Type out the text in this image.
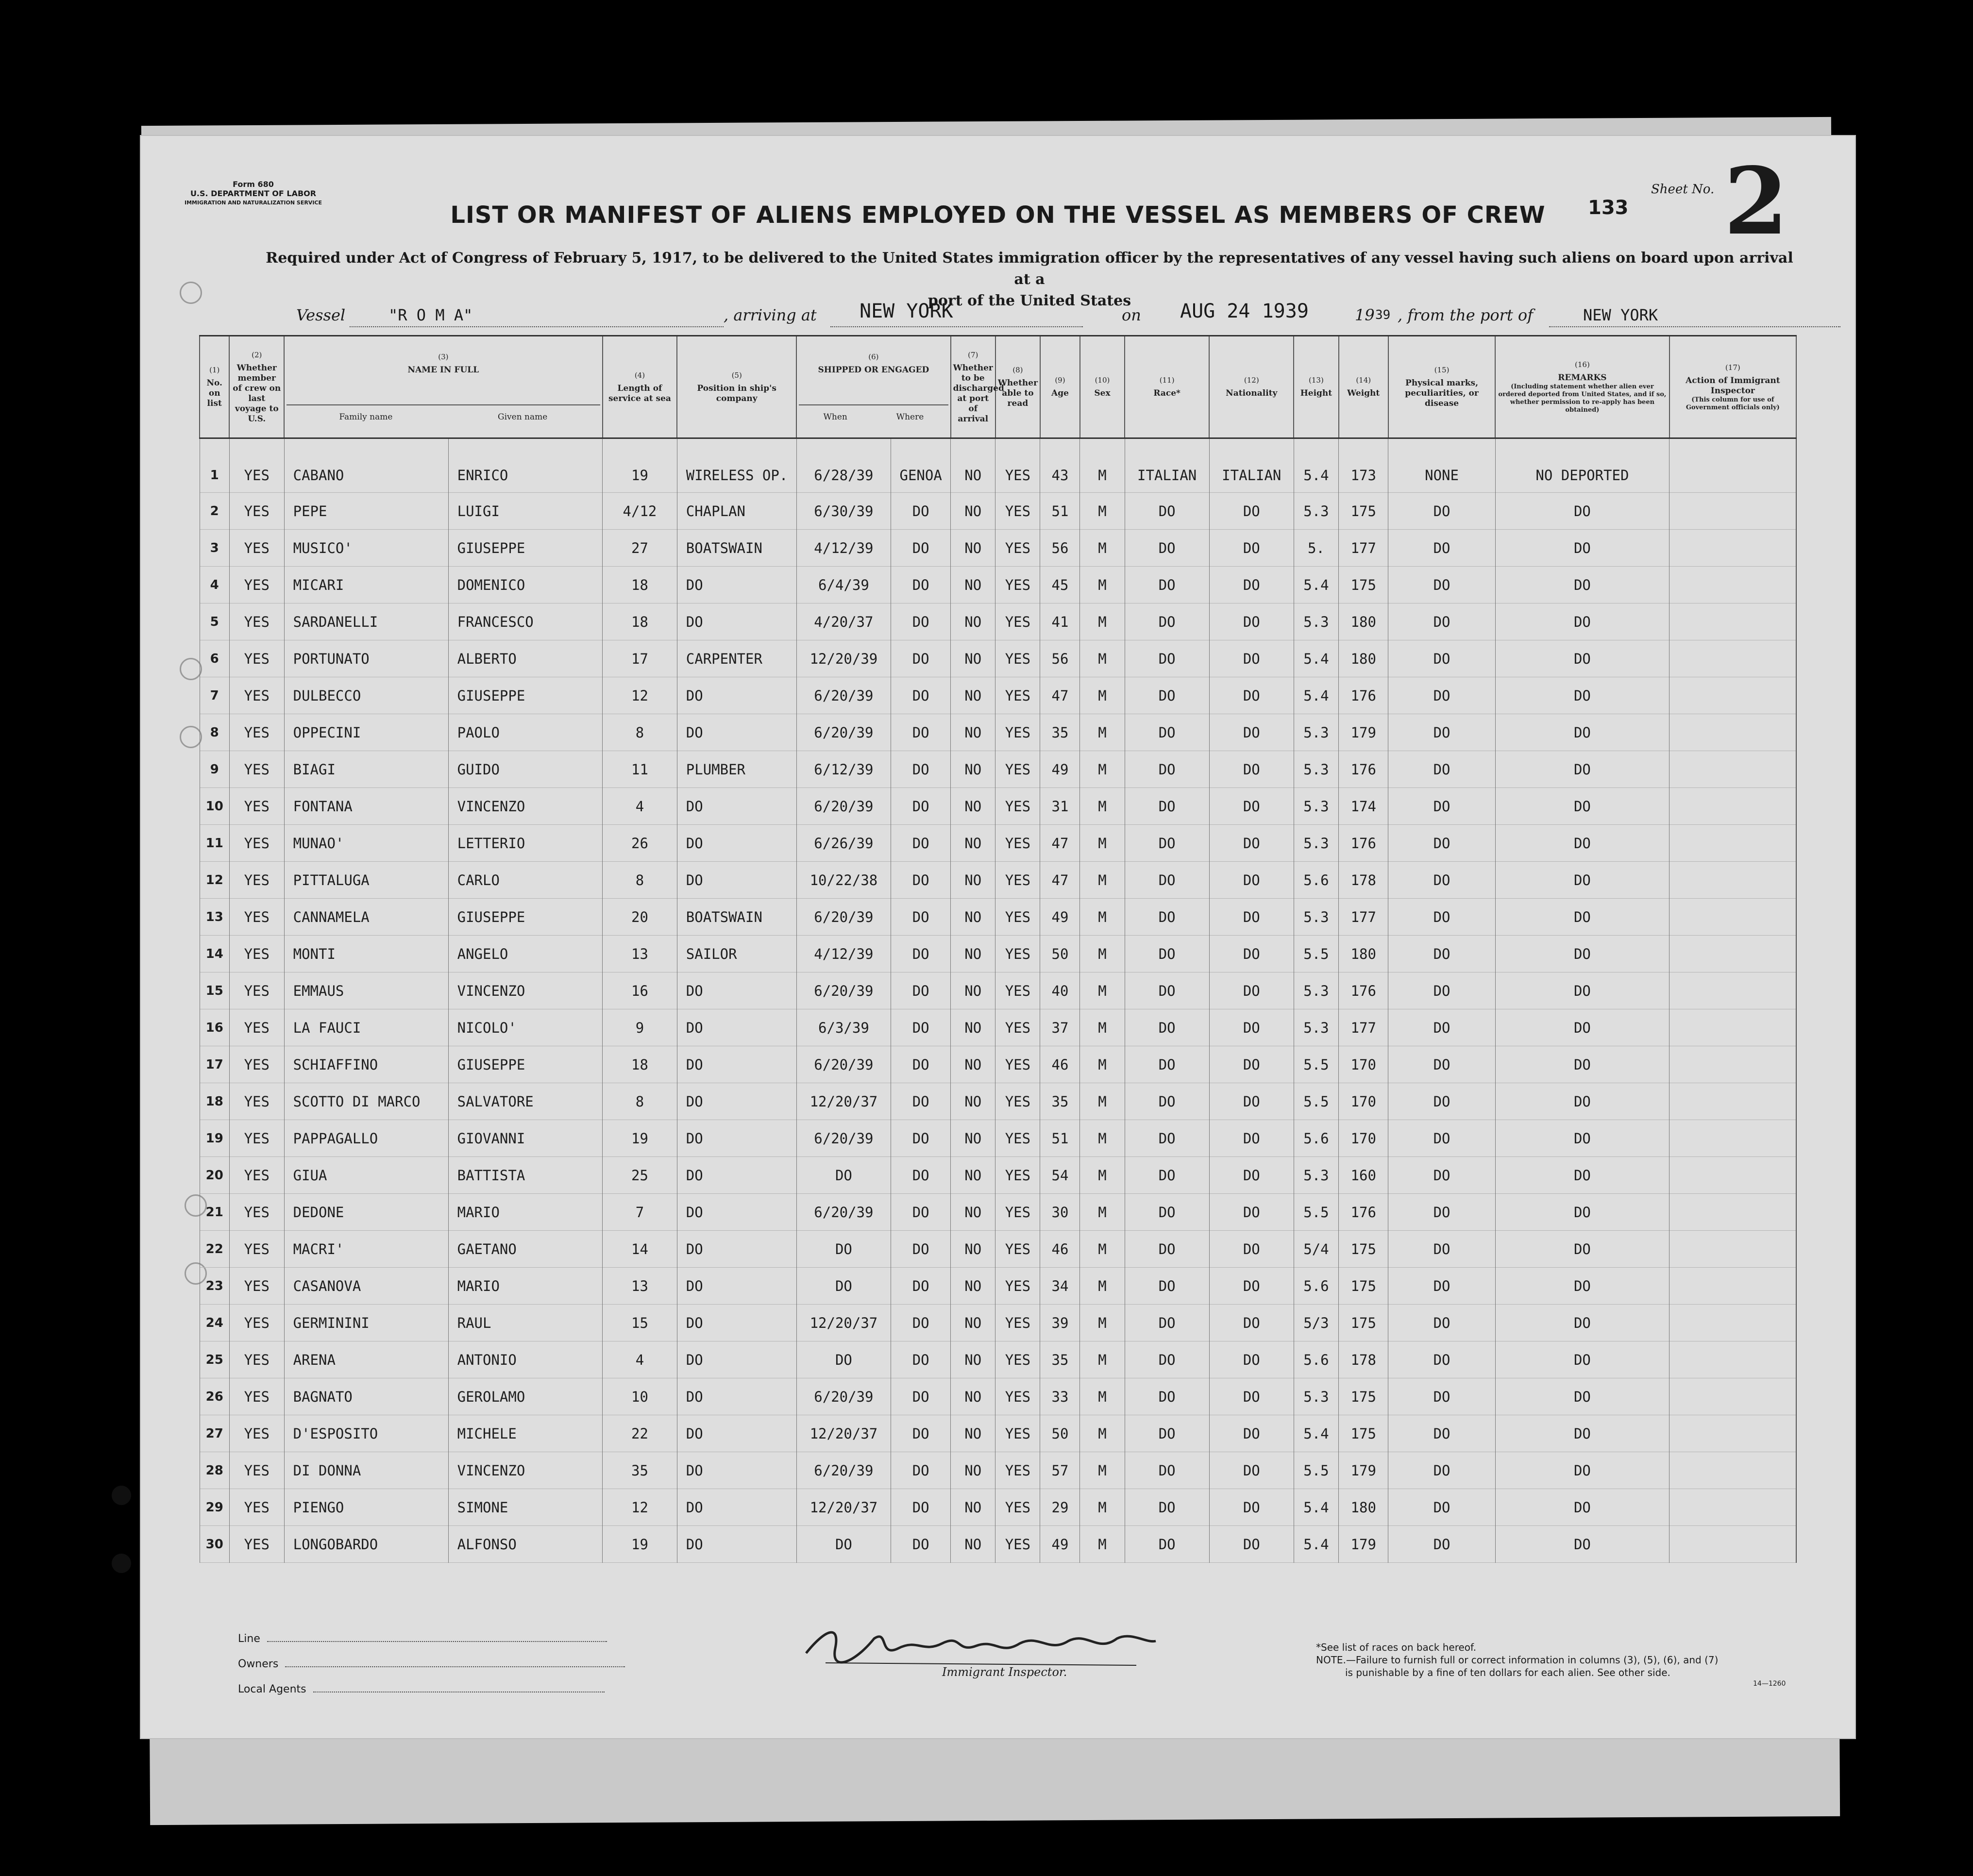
Form 680
U.S. DEPARTMENT OF LABOR
IMMIGRATION AND NATURALIZATION SERVICE	LIST OR MANIFEST OF ALIENS EMPLOYED ON THE VESSEL AS MEMBERS OF CREW	133
Sheet No. 2
Required under Act of Congress of February 5, 1917, to be delivered to the United States immigration officer by the representatives of any vessel having such aliens on board upon arrival at a
port of the United States
Vessel	"R O M A"	, arriving at NEW YORK	on AUG 24 1939	19 39 , from the port of	NEW YORK
(1)
No. on list	(2)
Whether member of crew on last voyage to U.S.	(3)
NAME IN FULL
Family name Given name		(4)
Length of service at sea	(5)
Position in ship's company	(6)
SHIPPED OR ENGAGED
When Where		(7)
Whether to be discharged at port of arrival	(8)
Whether able to read	(9)
Age	(10)
Sex	(11)
Race*	(12)
Nationality	(13)
Height	(14)
Weight	(15)
Physical marks, peculiarities, or disease	(16)
REMARKS
(Including statement whether alien ever ordered deported from United States, and if so, whether permission to re-apply has been obtained)	(17)
Action of Immigrant Inspector
(This column for use of Government officials only)

1	YES	CABANO	ENRICO	19	WIRELESS OP.	6/28/39	GENOA	NO	YES	43	M	ITALIAN	ITALIAN	5.4	173	NONE	NO DEPORTED	
2	YES	PEPE	LUIGI	4/12	CHAPLAN	6/30/39	DO	NO	YES	51	M	DO	DO	5.3	175	DO	DO	
3	YES	MUSICO'	GIUSEPPE	27	BOATSWAIN	4/12/39	DO	NO	YES	56	M	DO	DO	5.	177	DO	DO	
4	YES	MICARI	DOMENICO	18	DO	6/4/39	DO	NO	YES	45	M	DO	DO	5.4	175	DO	DO	
5	YES	SARDANELLI	FRANCESCO	18	DO	4/20/37	DO	NO	YES	41	M	DO	DO	5.3	180	DO	DO	
6	YES	PORTUNATO	ALBERTO	17	CARPENTER	12/20/39	DO	NO	YES	56	M	DO	DO	5.4	180	DO	DO	
7	YES	DULBECCO	GIUSEPPE	12	DO	6/20/39	DO	NO	YES	47	M	DO	DO	5.4	176	DO	DO	
8	YES	OPPECINI	PAOLO	8	DO	6/20/39	DO	NO	YES	35	M	DO	DO	5.3	179	DO	DO	
9	YES	BIAGI	GUIDO	11	PLUMBER	6/12/39	DO	NO	YES	49	M	DO	DO	5.3	176	DO	DO	
10	YES	FONTANA	VINCENZO	4	DO	6/20/39	DO	NO	YES	31	M	DO	DO	5.3	174	DO	DO	
11	YES	MUNAO'	LETTERIO	26	DO	6/26/39	DO	NO	YES	47	M	DO	DO	5.3	176	DO	DO	
12	YES	PITTALUGA	CARLO	8	DO	10/22/38	DO	NO	YES	47	M	DO	DO	5.6	178	DO	DO	
13	YES	CANNAMELA	GIUSEPPE	20	BOATSWAIN	6/20/39	DO	NO	YES	49	M	DO	DO	5.3	177	DO	DO	
14	YES	MONTI	ANGELO	13	SAILOR	4/12/39	DO	NO	YES	50	M	DO	DO	5.5	180	DO	DO	
15	YES	EMMAUS	VINCENZO	16	DO	6/20/39	DO	NO	YES	40	M	DO	DO	5.3	176	DO	DO	
16	YES	LA FAUCI	NICOLO'	9	DO	6/3/39	DO	NO	YES	37	M	DO	DO	5.3	177	DO	DO	
17	YES	SCHIAFFINO	GIUSEPPE	18	DO	6/20/39	DO	NO	YES	46	M	DO	DO	5.5	170	DO	DO	
18	YES	SCOTTO DI MARCO	SALVATORE	8	DO	12/20/37	DO	NO	YES	35	M	DO	DO	5.5	170	DO	DO	
19	YES	PAPPAGALLO	GIOVANNI	19	DO	6/20/39	DO	NO	YES	51	M	DO	DO	5.6	170	DO	DO	
20	YES	GIUA	BATTISTA	25	DO	DO	DO	NO	YES	54	M	DO	DO	5.3	160	DO	DO	
21	YES	DEDONE	MARIO	7	DO	6/20/39	DO	NO	YES	30	M	DO	DO	5.5	176	DO	DO	
22	YES	MACRI'	GAETANO	14	DO	DO	DO	NO	YES	46	M	DO	DO	5/4	175	DO	DO	
23	YES	CASANOVA	MARIO	13	DO	DO	DO	NO	YES	34	M	DO	DO	5.6	175	DO	DO	
24	YES	GERMININI	RAUL	15	DO	12/20/37	DO	NO	YES	39	M	DO	DO	5/3	175	DO	DO	
25	YES	ARENA	ANTONIO	4	DO	DO	DO	NO	YES	35	M	DO	DO	5.6	178	DO	DO	
26	YES	BAGNATO	GEROLAMO	10	DO	6/20/39	DO	NO	YES	33	M	DO	DO	5.3	175	DO	DO	
27	YES	D'ESPOSITO	MICHELE	22	DO	12/20/37	DO	NO	YES	50	M	DO	DO	5.4	175	DO	DO	
28	YES	DI DONNA	VINCENZO	35	DO	6/20/39	DO	NO	YES	57	M	DO	DO	5.5	179	DO	DO	
29	YES	PIENGO	SIMONE	12	DO	12/20/37	DO	NO	YES	29	M	DO	DO	5.4	180	DO	DO	
30	YES	LONGOBARDO	ALFONSO	19	DO	DO	DO	NO	YES	49	M	DO	DO	5.4	179	DO	DO	
Line
Owners
Local Agents
Immigrant Inspector.
*See list of races on back hereof.
NOTE.—Failure to furnish full or correct information in columns (3), (5), (6), and (7)
is punishable by a fine of ten dollars for each alien. See other side.
14—1260
